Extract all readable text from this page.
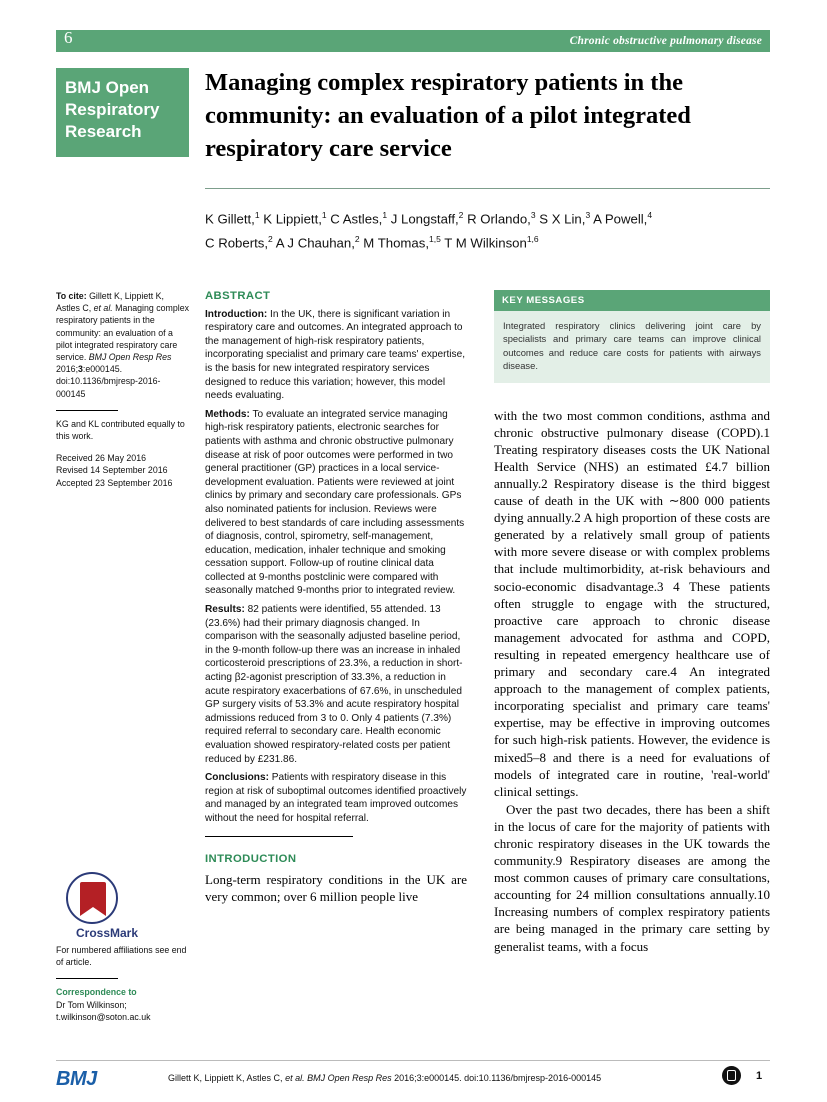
Chronic obstructive pulmonary disease
6
BMJ Open
Respiratory
Research
Managing complex respiratory patients in the community: an evaluation of a pilot integrated respiratory care service
K Gillett,$^1$ K Lippiett,$^1$ C Astles,$^1$ J Longstaff,$^2$ R Orlando,$^3$ S X Lin,$^3$ A Powell,$^4$
C Roberts,$^2$ A J Chauhan,$^2$ M Thomas,$^{1,5}$ T M Wilkinson$^{1,6}$

To cite: Gillett K, Lippiett K, Astles C, et al. Managing complex respiratory patients in the community: an evaluation of a pilot integrated respiratory care service. BMJ Open Resp Res 2016;3:e000145. doi:10.1136/bmjresp-2016-000145

KG and KL contributed equally to this work.

Received 26 May 2016

Revised 14 September 2016

Accepted 23 September 2016

CrossMark

For numbered affiliations see end of article.

Correspondence to
Dr Tom Wilkinson;
t.wilkinson@soton.ac.uk

ABSTRACT

Introduction: In the UK, there is significant variation in respiratory care and outcomes. An integrated approach to the management of high-risk respiratory patients, incorporating specialist and primary care teams' expertise, is the basis for new integrated respiratory services designed to reduce this variation; however, this model needs evaluating.

Methods: To evaluate an integrated service managing high-risk respiratory patients, electronic searches for patients with asthma and chronic obstructive pulmonary disease at risk of poor outcomes were performed in two general practitioner (GP) practices in a local service-development evaluation. Patients were reviewed at joint clinics by primary and secondary care professionals. GPs also nominated patients for inclusion. Reviews were delivered to best standards of care including assessments of diagnosis, control, spirometry, self-management, education, medication, inhaler technique and smoking cessation support. Follow-up of routine clinical data collected at 9-months postclinic were compared with seasonally matched 9-months prior to integrated review.

Results: 82 patients were identified, 55 attended. 13 (23.6%) had their primary diagnosis changed. In comparison with the seasonally adjusted baseline period, in the 9-month follow-up there was an increase in inhaled corticosteroid prescriptions of 23.3%, a reduction in short-acting β2-agonist prescription of 33.3%, a reduction in acute respiratory exacerbations of 67.6%, in unscheduled GP surgery visits of 53.3% and acute respiratory hospital admissions reduced from 3 to 0. Only 4 patients (7.3%) required referral to secondary care. Health economic evaluation showed respiratory-related costs per patient reduced by £231.86.

Conclusions: Patients with respiratory disease in this region at risk of suboptimal outcomes identified proactively and managed by an integrated team improved outcomes without the need for hospital referral.

INTRODUCTION
Long-term respiratory conditions in the UK are very common; over 6 million people live
KEY MESSAGES
Integrated respiratory clinics delivering joint care by specialists and primary care teams can improve clinical outcomes and reduce care costs for patients with airways disease.

with the two most common conditions, asthma and chronic obstructive pulmonary disease (COPD).1 Treating respiratory diseases costs the UK National Health Service (NHS) an estimated £4.7 billion annually.2 Respiratory disease is the third biggest cause of death in the UK with ∼800 000 patients dying annually.2 A high proportion of these costs are generated by a relatively small group of patients with more severe disease or with complex problems that include multimorbidity, at-risk behaviours and socio-economic disadvantage.3 4 These patients often struggle to engage with the structured, proactive care approach to chronic disease management advocated for asthma and COPD, resulting in repeated emergency healthcare use of primary and secondary care.4 An integrated approach to the management of complex patients, incorporating specialist and primary care teams' expertise, may be effective in improving outcomes for such high-risk patients. However, the evidence is mixed5–8 and there is a need for evaluations of models of integrated care in routine, 'real-world' clinical settings.

Over the past two decades, there has been a shift in the locus of care for the majority of patients with chronic respiratory diseases in the UK towards the community.9 Respiratory diseases are among the most common causes of primary care consultations, accounting for 24 million consultations annually.10 Increasing numbers of complex respiratory patients are being managed in the primary care setting by generalist teams, with a focus

BMJ	Gillett K, Lippiett K, Astles C, et al. BMJ Open Resp Res 2016;3:e000145. doi:10.1136/bmjresp-2016-000145	1
